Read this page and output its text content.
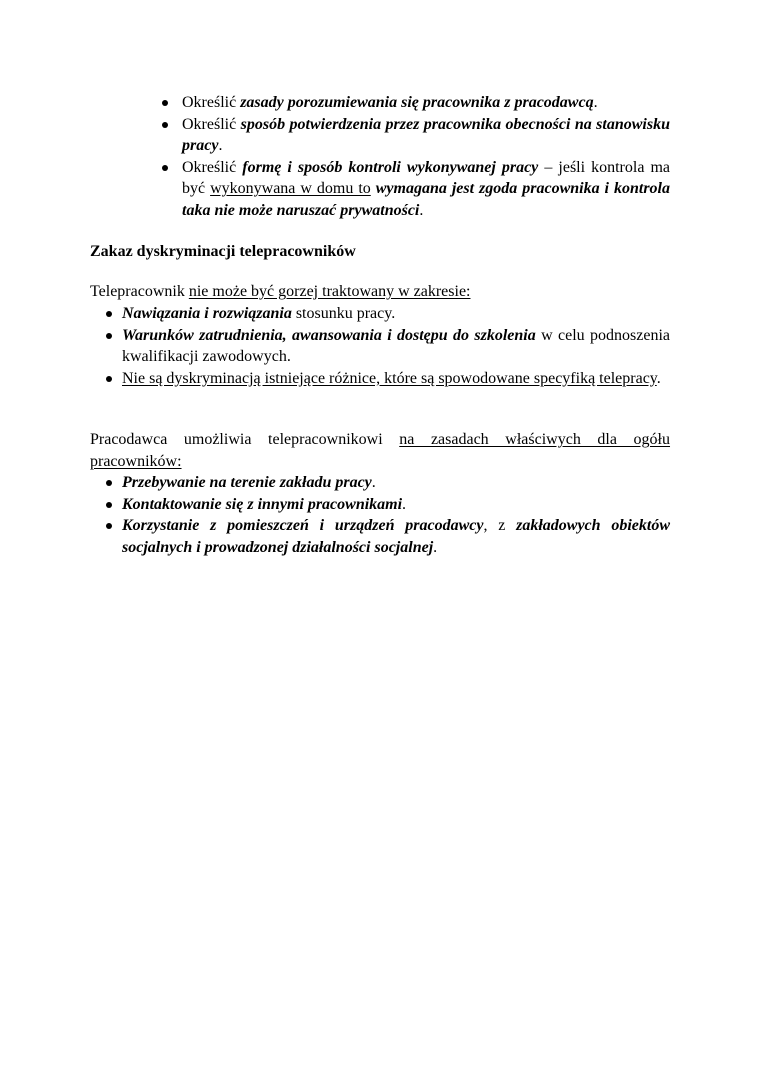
Określić zasady porozumiewania się pracownika z pracodawcą.
Określić sposób potwierdzenia przez pracownika obecności na stanowisku pracy.
Określić formę i sposób kontroli wykonywanej pracy – jeśli kontrola ma być wykonywana w domu to wymagana jest zgoda pracownika i kontrola taka nie może naruszać prywatności.
Zakaz dyskryminacji telepracowników
Telepracownik nie może być gorzej traktowany w zakresie:
Nawiązania i rozwiązania stosunku pracy.
Warunków zatrudnienia, awansowania i dostępu do szkolenia w celu podnoszenia kwalifikacji zawodowych.
Nie są dyskryminacją istniejące różnice, które są spowodowane specyfiką telepracy.
Pracodawca umożliwia telepracownikowi na zasadach właściwych dla ogółu pracowników:
Przebywanie na terenie zakładu pracy.
Kontaktowanie się z innymi pracownikami.
Korzystanie z pomieszczeń i urządzeń pracodawcy, z zakładowych obiektów socjalnych i prowadzonej działalności socjalnej.
